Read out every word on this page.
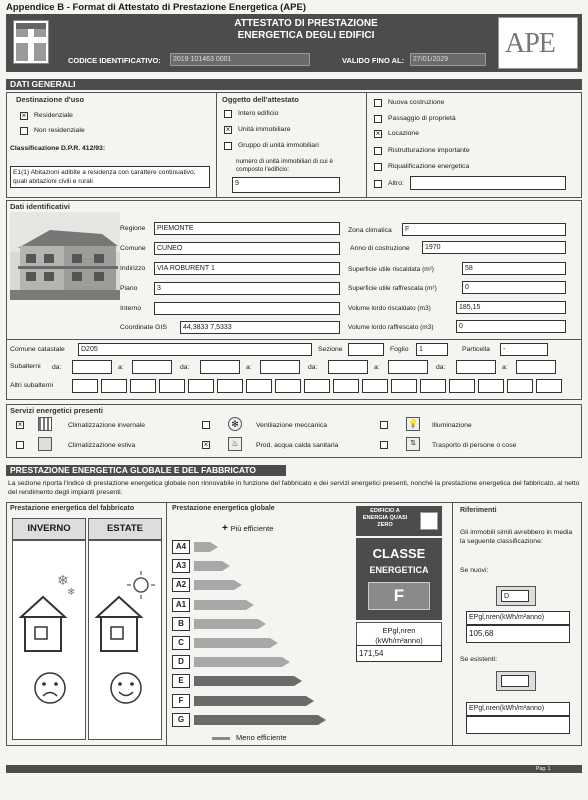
Appendice B - Format di Attestato di Prestazione Energetica (APE)
ATTESTATO DI PRESTAZIONE
ENERGETICA DEGLI EDIFICI
CODICE IDENTIFICATIVO:	2019 101463 0001	VALIDO FINO AL:	27/01/2029
APE
DATI GENERALI
Destinazione d'uso
× Residenziale
Non residenziale
Classificazione D.P.R. 412/93:
E1(1) Abitazioni adibite a residenza con carattere continuativo, quali abitazioni civili e rurali
Oggetto dell'attestato
Intero edificio
× Unità immobiliare
Gruppo di unità immobiliari
numero di unità immobiliari di cui è composto l'edificio:
9
Nuova costruzione
Passaggio di proprietà
× Locazione
Ristrutturazione importante
Riqualificazione energetica
Altro:
Dati identificativi
Regione	PIEMONTE
Comune	CUNEO
Indirizzo	VIA ROBURENT 1
Piano	3
Interno
Coordinate GIS	44,3833 7,5333
Zona climatica	F
Anno di costruzione	1970
Superficie utile riscaldata (m²)	58
Superficie utile raffrescata (m²)	0
Volume lordo riscaldato (m3)	185,15
Volume lordo raffrescato (m3)	0
Comune catastale	D205	Sezione	Foglio	1	Particella	-
Subalterni da:	a:	da:	a:	da:	a:	da:	a:
Altri subalterni
Servizi energetici presenti
×	Climatizzazione invernale
Climatizzazione estiva
✻	Ventilazione meccanica
×	♨	Prod. acqua calda sanitaria
💡 Illuminazione
⇅	Trasporto di persone o cose
PRESTAZIONE ENERGETICA GLOBALE E DEL FABBRICATO
La sezione riporta l'indice di prestazione energetica globale non rinnovabile in funzione del fabbricato e dei servizi energetici presenti, nonché la prestazione energetica del fabbricato, al netto del rendimento degli impianti presenti.
Prestazione energetica del fabbricato
INVERNO	ESTATE
❄
❄
Prestazione energetica globale
+ Più efficiente
A4
A3
A2
A1
B
C
D
E
F
G
Meno efficiente
EDIFICIO A ENERGIA QUASI ZERO
CLASSE
ENERGETICA
F
EPgl,nren
(kWh/m²anno)
171,54
Riferimenti
Gli immobili simili avrebbero in media la seguente classificazione:
Se nuovi:
D
EPgl,nren(kWh/m²anno)
105,68
Se esistenti:
EPgl,nren(kWh/m²anno)
Pag. 1
